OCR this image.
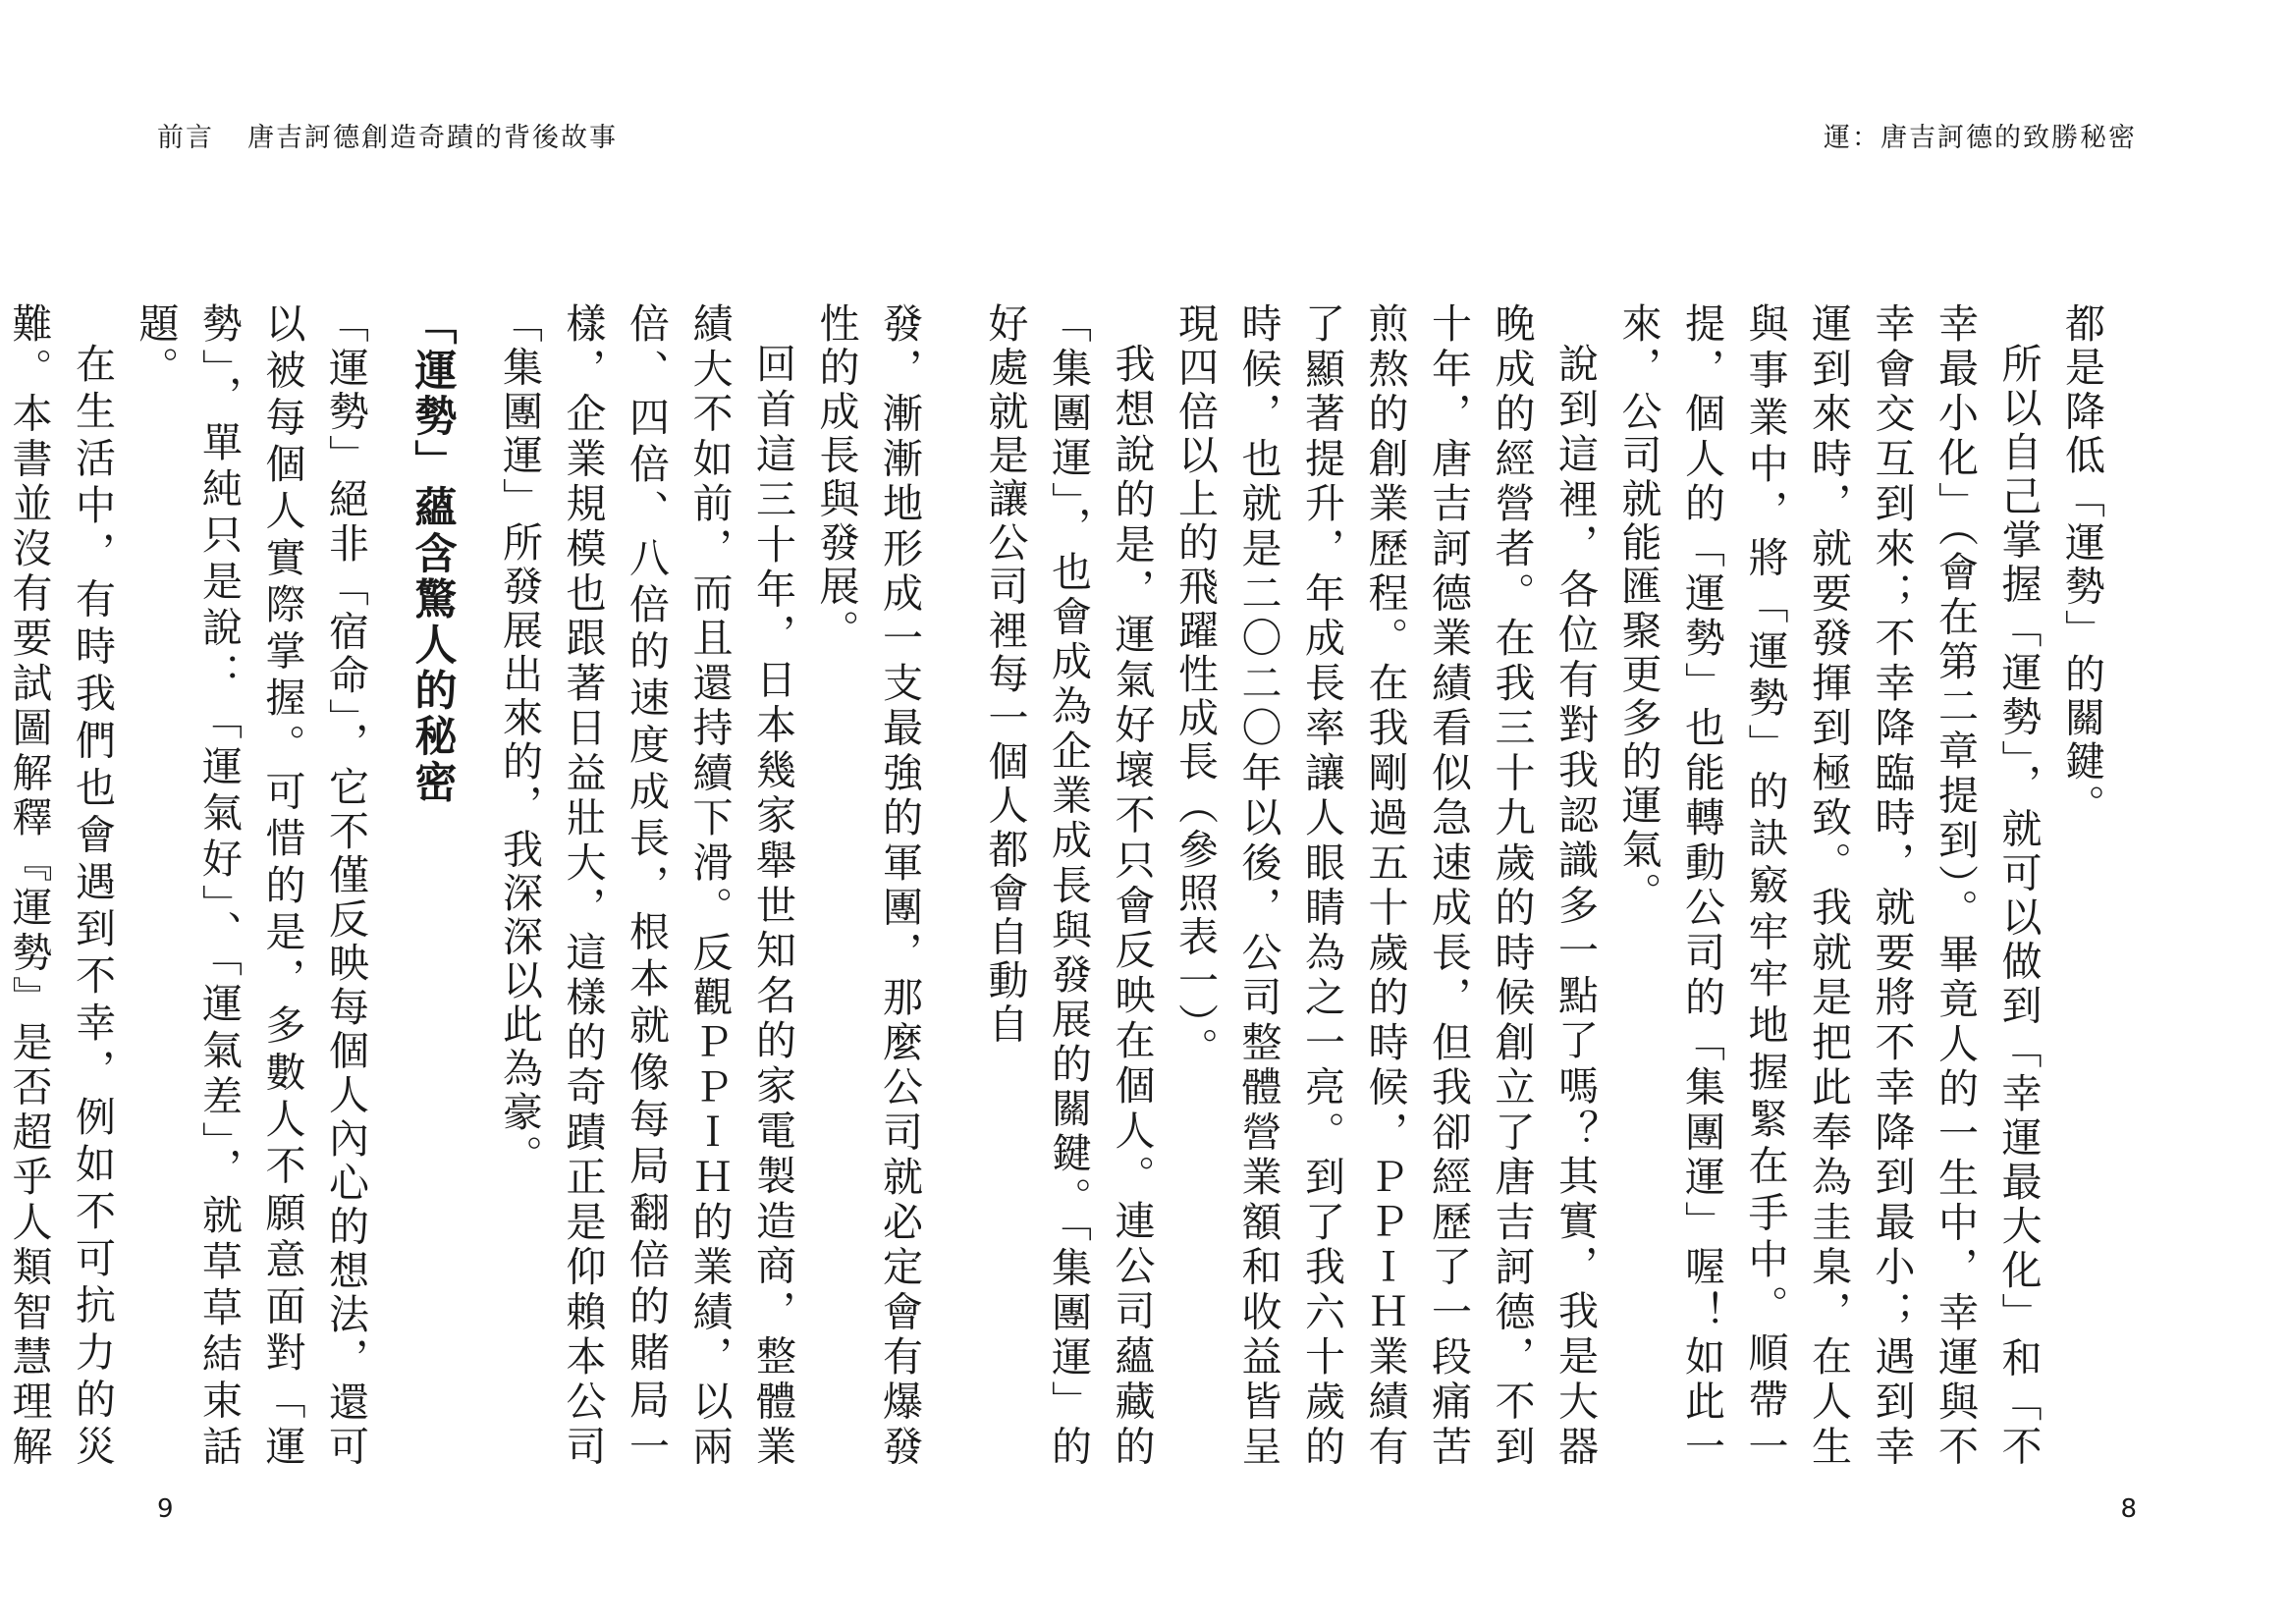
前言 唐吉訶德創造奇蹟的背後故事	運：唐吉訶德的致勝秘密

都是降低「運勢」的關鍵。

所以自己掌握「運勢」，就可以做到「幸運最大化」和「不幸最小化」（會在第二章提到）。畢竟人的一生中，幸運與不幸會交互到來；不幸降臨時，就要將不幸降到最小；遇到幸運到來時，就要發揮到極致。我就是把此奉為圭臬，在人生與事業中，將「運勢」的訣竅牢牢地握緊在手中。順帶一提，個人的「運勢」也能轉動公司的「集團運」喔！如此一來，公司就能匯聚更多的運氣。

說到這裡，各位有對我認識多一點了嗎？其實，我是大器晚成的經營者。在我三十九歲的時候創立了唐吉訶德，不到十年，唐吉訶德業績看似急速成長，但我卻經歷了一段痛苦煎熬的創業歷程。在我剛過五十歲的時候，ＰＰＩＨ業績有了顯著提升，年成長率讓人眼睛為之一亮。到了我六十歲的時候，也就是二〇二〇年以後，公司整體營業額和收益皆呈現四倍以上的飛躍性成長（參照表一）。

我想說的是，運氣好壞不只會反映在個人。連公司蘊藏的「集團運」，也會成為企業成長與發展的關鍵。「集團運」的好處就是讓公司裡每一個人都會自動自

發，漸漸地形成一支最強的軍團，那麼公司就必定會有爆發性的成長與發展。

回首這三十年，日本幾家舉世知名的家電製造商，整體業績大不如前，而且還持續下滑。反觀ＰＰＩＨ的業績，以兩倍、四倍、八倍的速度成長，根本就像每局翻倍的賭局一樣，企業規模也跟著日益壯大，這樣的奇蹟正是仰賴本公司「集團運」所發展出來的，我深深以此為豪。

「運勢」蘊含驚人的秘密

「運勢」絕非「宿命」，它不僅反映每個人內心的想法，還可以被每個人實際掌握。可惜的是，多數人不願意面對「運勢」，單純只是說：「運氣好」、「運氣差」，就草草結束話題。

在生活中，有時我們也會遇到不幸，例如不可抗力的災難。本書並沒有要試圖解釋『運勢』是否超乎人類智慧理解

9	8
